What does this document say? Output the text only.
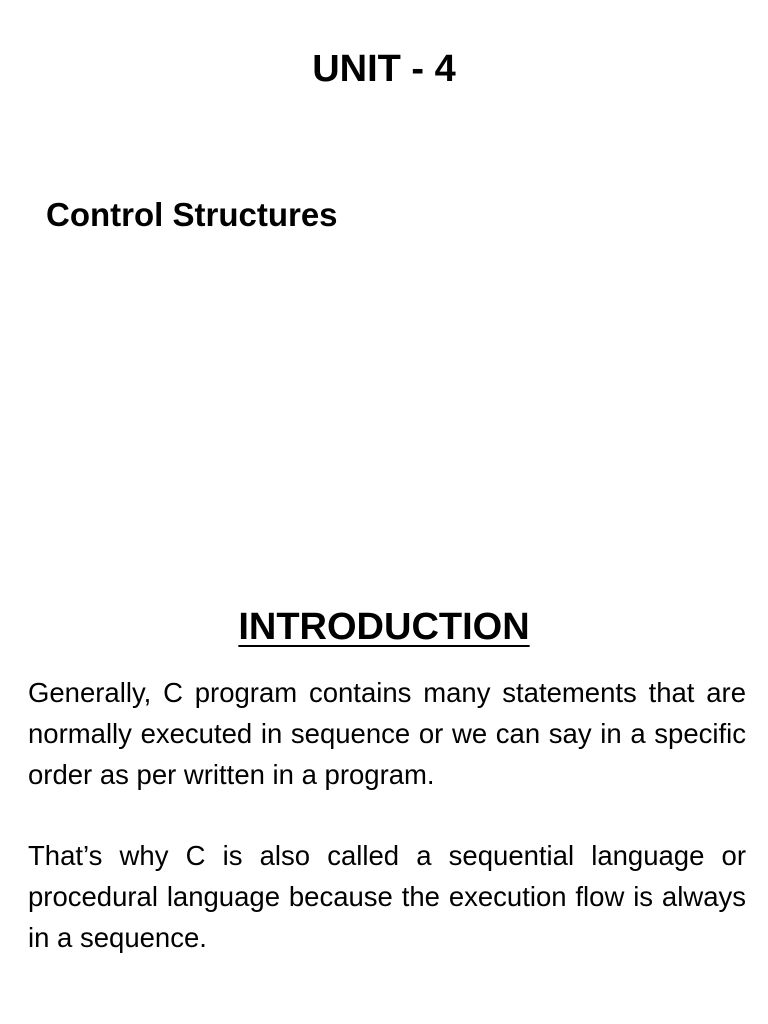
UNIT - 4
Control Structures
INTRODUCTION

Generally, C program contains many statements that are normally executed in sequence or we can say in a specific order as per written in a program.

That’s why C is also called a sequential language or procedural language because the execution flow is always in a sequence.
